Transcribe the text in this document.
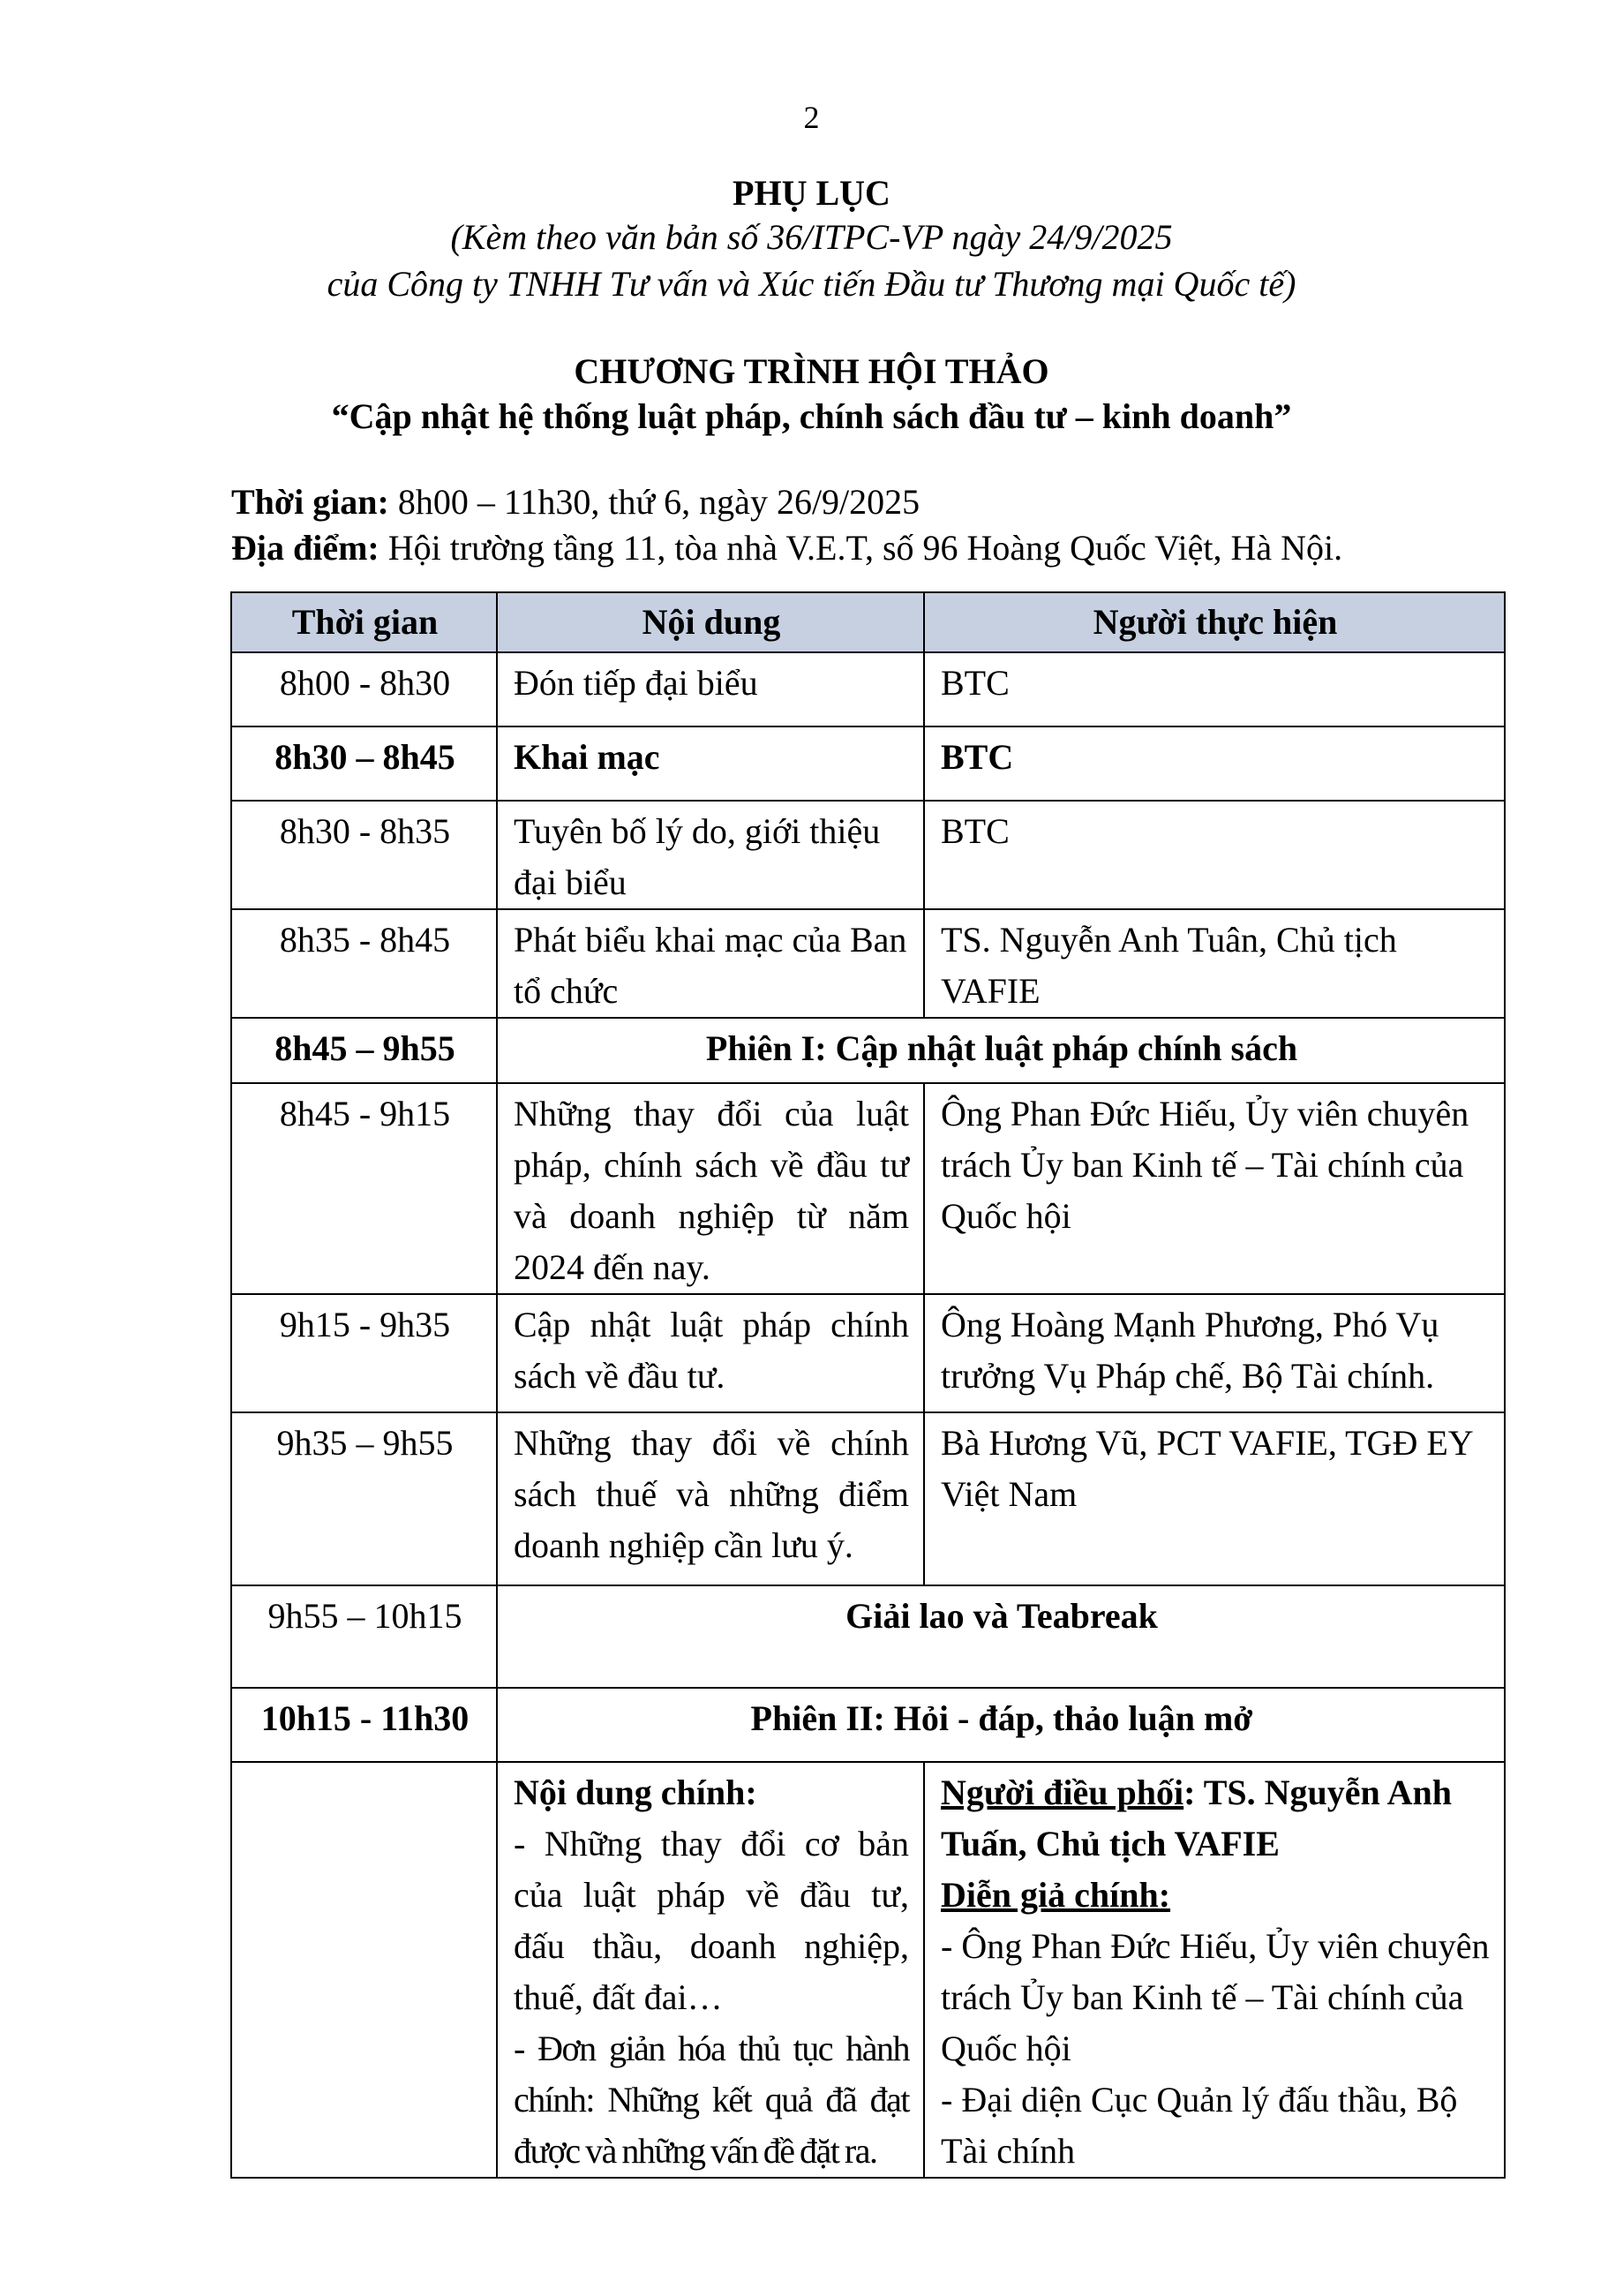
2
PHỤ LỤC
(Kèm theo văn bản số 36/ITPC-VP ngày 24/9/2025
của Công ty TNHH Tư vấn và Xúc tiến Đầu tư Thương mại Quốc tế)
CHƯƠNG TRÌNH HỘI THẢO
“Cập nhật hệ thống luật pháp, chính sách đầu tư – kinh doanh”
Thời gian: 8h00 – 11h30, thứ 6, ngày 26/9/2025
Địa điểm: Hội trường tầng 11, tòa nhà V.E.T, số 96 Hoàng Quốc Việt, Hà Nội.
Thời gian	Nội dung	Người thực hiện
8h00 - 8h30	Đón tiếp đại biểu	BTC
8h30 – 8h45	Khai mạc	BTC
8h30 - 8h35	Tuyên bố lý do, giới thiệu đại biểu	BTC
8h35 - 8h45	Phát biểu khai mạc của Ban tổ chức	TS. Nguyễn Anh Tuân, Chủ tịch VAFIE
8h45 – 9h55	Phiên I: Cập nhật luật pháp chính sách	
8h45 - 9h15	Những thay đổi của luật pháp, chính sách về đầu tư và doanh nghiệp từ năm 2024 đến nay.	Ông Phan Đức Hiếu, Ủy viên chuyên trách Ủy ban Kinh tế – Tài chính của Quốc hội
9h15 - 9h35	Cập nhật luật pháp chính sách về đầu tư.	Ông Hoàng Mạnh Phương, Phó Vụ trưởng Vụ Pháp chế, Bộ Tài chính.
9h35 – 9h55	Những thay đổi về chính sách thuế và những điểm doanh nghiệp cần lưu ý.	Bà Hương Vũ, PCT VAFIE, TGĐ EY Việt Nam
9h55 – 10h15	Giải lao và Teabreak	
10h15 - 11h30	Phiên II: Hỏi - đáp, thảo luận mở	

	Nội dung chính:
- Những thay đổi cơ bản của luật pháp về đầu tư, đấu thầu, doanh nghiệp, thuế, đất đai…
- Đơn giản hóa thủ tục hành chính: Những kết quả đã đạt được và những vấn đề đặt ra.	Người điều phối: TS. Nguyễn Anh Tuấn, Chủ tịch VAFIE
Diễn giả chính:
- Ông Phan Đức Hiếu, Ủy viên chuyên trách Ủy ban Kinh tế – Tài chính của Quốc hội
- Đại diện Cục Quản lý đấu thầu, Bộ Tài chính
